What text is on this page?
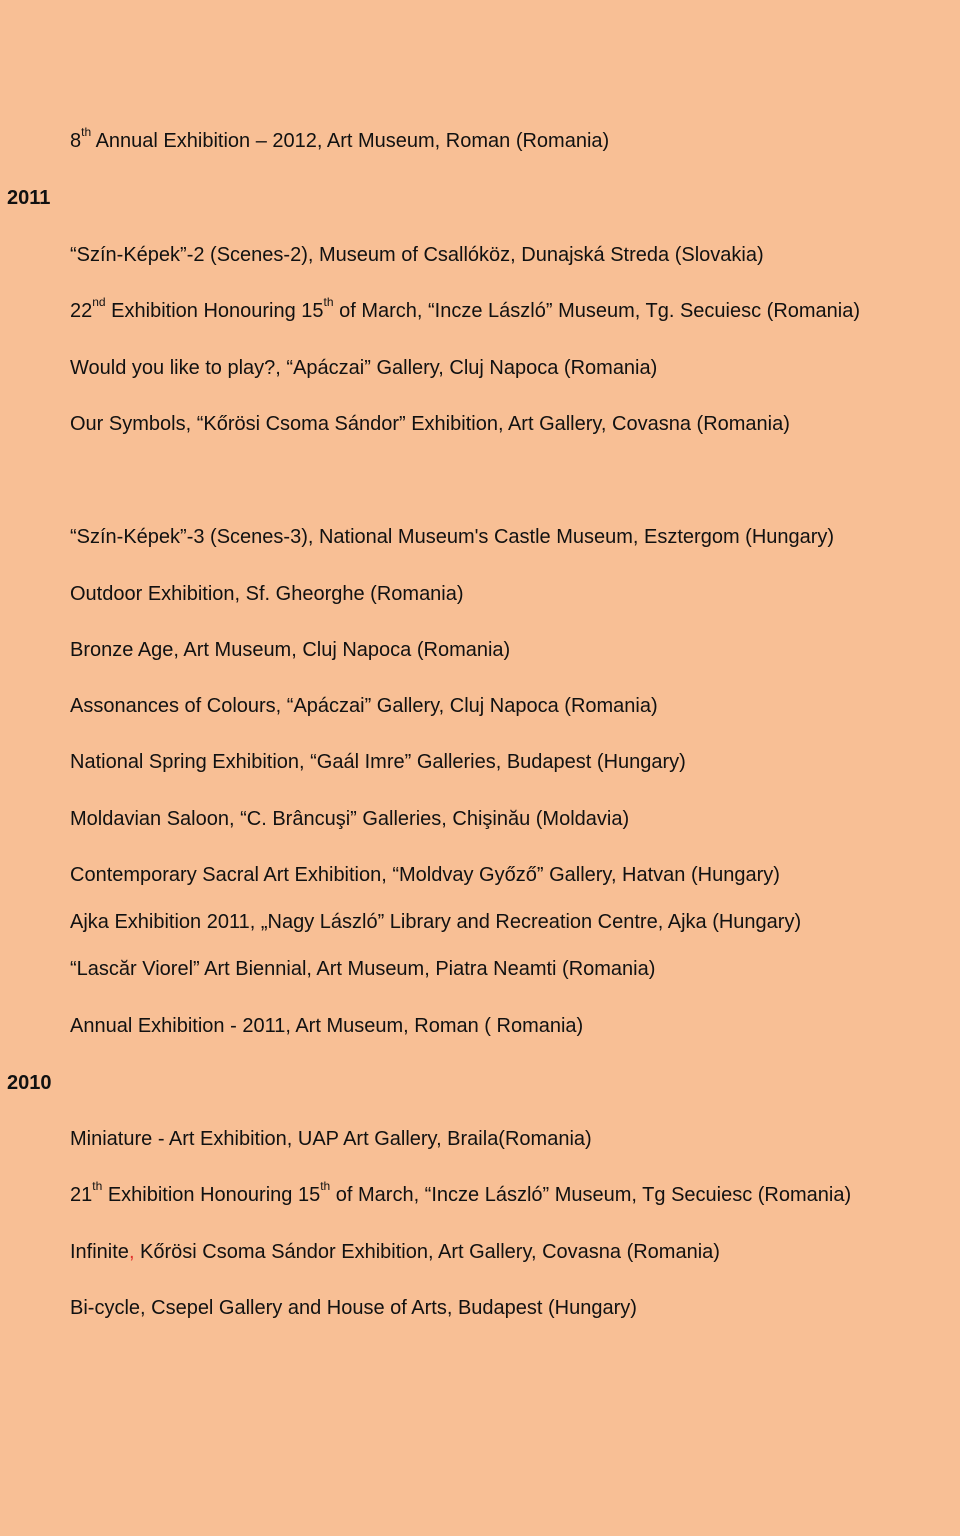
8th Annual Exhibition – 2012, Art Museum, Roman (Romania)

2011

“Szín-Képek”-2 (Scenes-2), Museum of Csallóköz, Dunajská Streda (Slovakia)

22nd Exhibition Honouring 15th of March, “Incze László” Museum, Tg. Secuiesc (Romania)

Would you like to play?, “Apáczai” Gallery, Cluj Napoca (Romania)

Our Symbols, “Kőrösi Csoma Sándor” Exhibition, Art Gallery, Covasna (Romania)

“Szín-Képek”-3 (Scenes-3), National Museum's Castle Museum, Esztergom (Hungary)

Outdoor Exhibition, Sf. Gheorghe (Romania)

Bronze Age, Art Museum, Cluj Napoca (Romania)

Assonances of Colours, “Apáczai” Gallery, Cluj Napoca (Romania)

National Spring Exhibition, “Gaál Imre” Galleries, Budapest (Hungary)

Moldavian Saloon, “C. Brâncuşi” Galleries, Chişinău (Moldavia)

Contemporary Sacral Art Exhibition, “Moldvay Győző” Gallery, Hatvan (Hungary)

Ajka Exhibition 2011, „Nagy László” Library and Recreation Centre, Ajka (Hungary)

“Lascăr Viorel” Art Biennial, Art Museum, Piatra Neamti (Romania)

Annual Exhibition - 2011, Art Museum, Roman ( Romania)

2010

Miniature - Art Exhibition, UAP Art Gallery, Braila(Romania)

21th Exhibition Honouring 15th of March, “Incze László” Museum, Tg Secuiesc (Romania)

Infinite, Kőrösi Csoma Sándor Exhibition, Art Gallery, Covasna (Romania)

Bi-cycle, Csepel Gallery and House of Arts, Budapest (Hungary)
